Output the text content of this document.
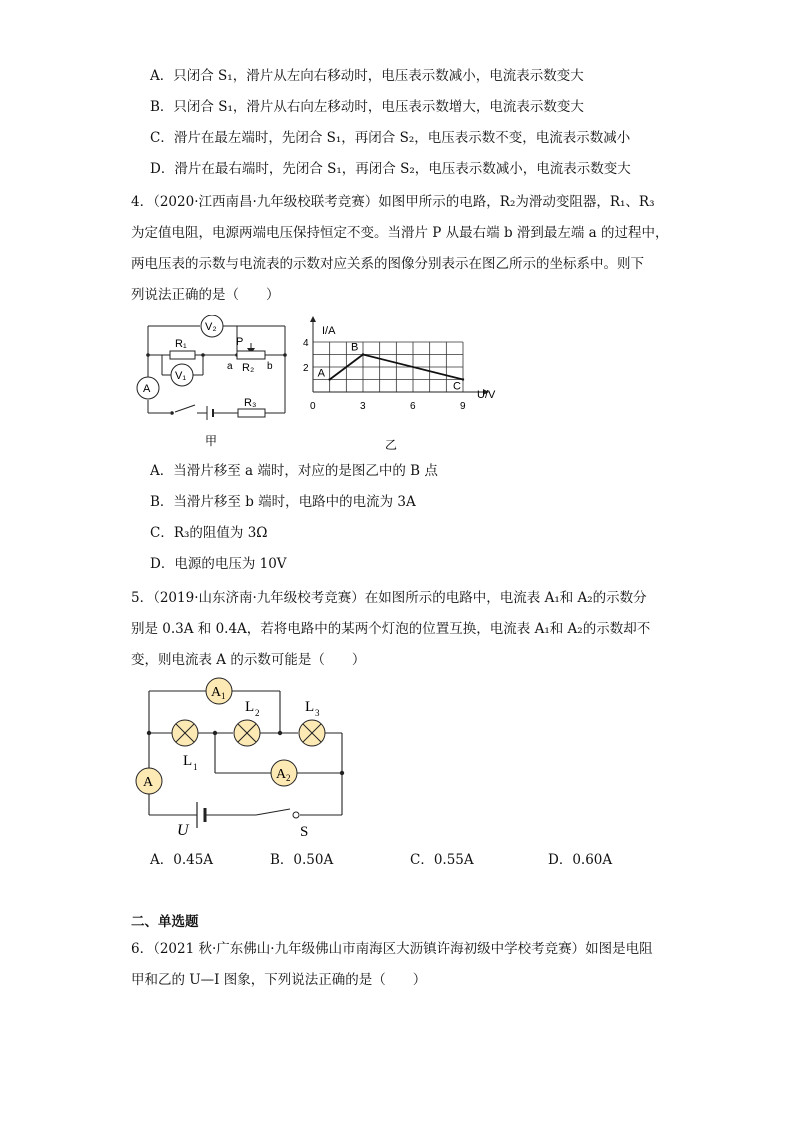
A．只闭合 S₁，滑片从左向右移动时，电压表示数减小，电流表示数变大
B．只闭合 S₁，滑片从右向左移动时，电压表示数增大，电流表示数变大
C．滑片在最左端时，先闭合 S₁，再闭合 S₂，电压表示数不变，电流表示数减小
D．滑片在最右端时，先闭合 S₁，再闭合 S₂，电压表示数减小，电流表示数变大
4．（2020·江西南昌·九年级校联考竞赛）如图甲所示的电路，R₂为滑动变阻器，R₁、R₃
为定值电阻，电源两端电压保持恒定不变。当滑片 P 从最右端 b 滑到最左端 a 的过程中，
两电压表的示数与电流表的示数对应关系的图像分别表示在图乙所示的坐标系中。则下
列说法正确的是（　　）
V₂
R₁
V₁
P
R₂
a	b
A
R₃
甲
0	3	6	9
2
4
A
B
C
I/A
U/V
乙
A．当滑片移至 a 端时，对应的是图乙中的 B 点
B．当滑片移至 b 端时，电路中的电流为 3A
C．R₃的阻值为 3Ω
D．电源的电压为 10V
5．（2019·山东济南·九年级校考竞赛）在如图所示的电路中，电流表 A₁和 A₂的示数分
别是 0.3A 和 0.4A，若将电路中的某两个灯泡的位置互换，电流表 A₁和 A₂的示数却不
变，则电流表 A 的示数可能是（　　）
A 1
A 2
A
L 1
L 2	L 3
U	S
A．0.45A	B．0.50A	C．0.55A	D．0.60A
二、单选题
6．（2021 秋·广东佛山·九年级佛山市南海区大沥镇许海初级中学校考竞赛）如图是电阻
甲和乙的 U—I 图象，下列说法正确的是（　　）
